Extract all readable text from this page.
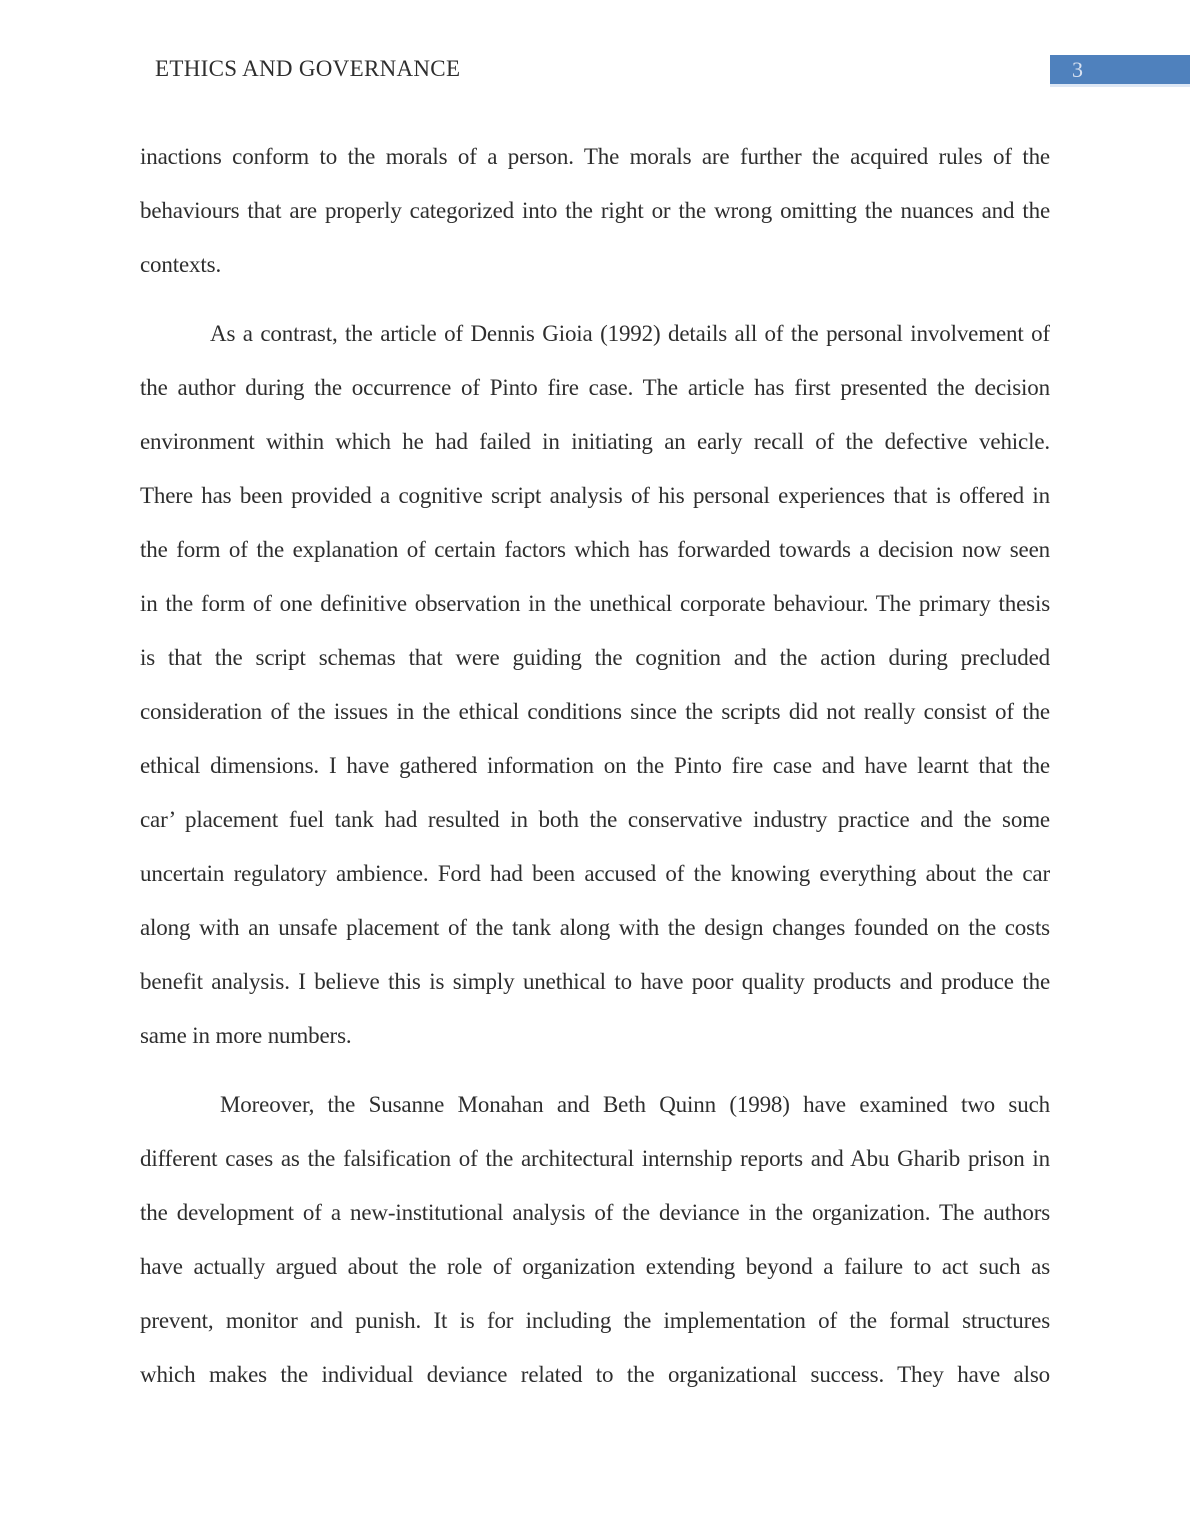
ETHICS AND GOVERNANCE	3
inactions conform to the morals of a person. The morals are further the acquired rules of the
behaviours that are properly categorized into the right or the wrong omitting the nuances and the
contexts.
As a contrast, the article of Dennis Gioia (1992) details all of the personal involvement of
the author during the occurrence of Pinto fire case. The article has first presented the decision
environment within which he had failed in initiating an early recall of the defective vehicle.
There has been provided a cognitive script analysis of his personal experiences that is offered in
the form of the explanation of certain factors which has forwarded towards a decision now seen
in the form of one definitive observation in the unethical corporate behaviour. The primary thesis
is that the script schemas that were guiding the cognition and the action during precluded
consideration of the issues in the ethical conditions since the scripts did not really consist of the
ethical dimensions. I have gathered information on the Pinto fire case and have learnt that the
car’ placement fuel tank had resulted in both the conservative industry practice and the some
uncertain regulatory ambience. Ford had been accused of the knowing everything about the car
along with an unsafe placement of the tank along with the design changes founded on the costs
benefit analysis. I believe this is simply unethical to have poor quality products and produce the
same in more numbers.
Moreover, the Susanne Monahan and Beth Quinn (1998) have examined two such
different cases as the falsification of the architectural internship reports and Abu Gharib prison in
the development of a new-institutional analysis of the deviance in the organization. The authors
have actually argued about the role of organization extending beyond a failure to act such as
prevent, monitor and punish. It is for including the implementation of the formal structures
which makes the individual deviance related to the organizational success. They have also
